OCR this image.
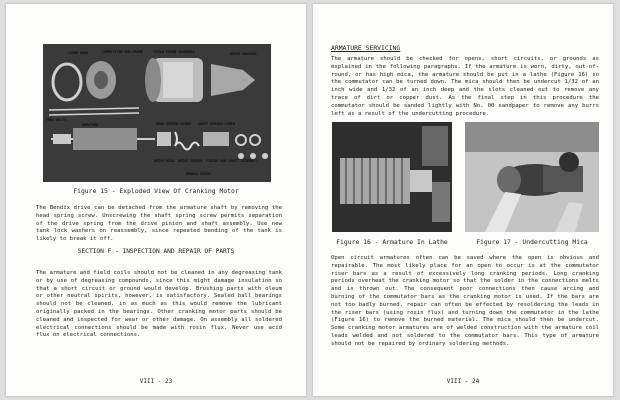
COVER BAND	COMMUTATOR END FRAME	FIELD FRAME ASSEMBLY	DRIVE HOUSING
THRU BOLTS
ARMATURE	HEAD SPRING SCREW SHAFT SPRING SCREW
DRIVE HEAD DRIVE SPRING PINION AND SHAFT ASSEMBLY
BENDIX DRIVE
Figure 15 - Exploded View Of Cranking Motor

The Bendix drive can be detached from the armature shaft by removing the head spring screw. Unscrewing the shaft spring screw permits separation of the drive spring from the drive pinion and shaft assembly. Use new tank lock washers on reassembly, since repeated bending of the tank is likely to break it off.

SECTION F - INSPECTION AND REPAIR OF PARTS

The armature and field coils should not be cleaned in any degreasing tank or by use of degreasing compounds, since this might damage insulation so that a short circuit or ground would develop. Brushing parts with oleum or other neutral spirits, however, is satisfactory. Sealed ball bearings should not be cleaned, in as much as this would remove the lubricant originally packed in the bearings. Other cranking motor parts should be cleaned and inspected for wear or other damage. On assembly all soldered electrical connections should be made with rosin flux. Never use acid flux on electrical connections.

VIII - 23
ARMATURE SERVICING

The armature should be checked for opens, short circuits, or grounds as explained in the following paragraphs. If the armature is worn, dirty, out-of-round, or has high mica, the armature should be put in a lathe (Figure 16) so the commutator can be turned down. The mica should then be undercut 1/32 of an inch wide and 1/32 of an inch deep and the slots cleaned out to remove any trace of dirt or copper dust. As the final step in this procedure the commutator should be sanded lightly with No. 00 sandpaper to remove any burrs left as a result of the undercutting procedure.

Figure 16 - Armature In Lathe	Figure 17 - Undercutting Mica

Open circuit armatures often can be saved where the open is obvious and repairable. The most likely place for an open to occur is at the commutator riser bars as a result of excessively long cranking periods. Long cranking periods overheat the cranking motor so that the solder in the connections melts and is thrown out. The consequent poor connections then cause arcing and burning of the commutator bars as the cranking motor is used. If the bars are not too badly burned, repair can often be effected by resoldering the leads in the riser bars (using rosin flux) and turning down the commutator in the lathe (Figure 16) to remove the burned material. The mica should then be undercut. Some cranking motor armatures are of welded construction with the armature coil leads welded and not soldered to the commutator bars. This type of armature should not be repaired by ordinary soldering methods.

VIII - 24
